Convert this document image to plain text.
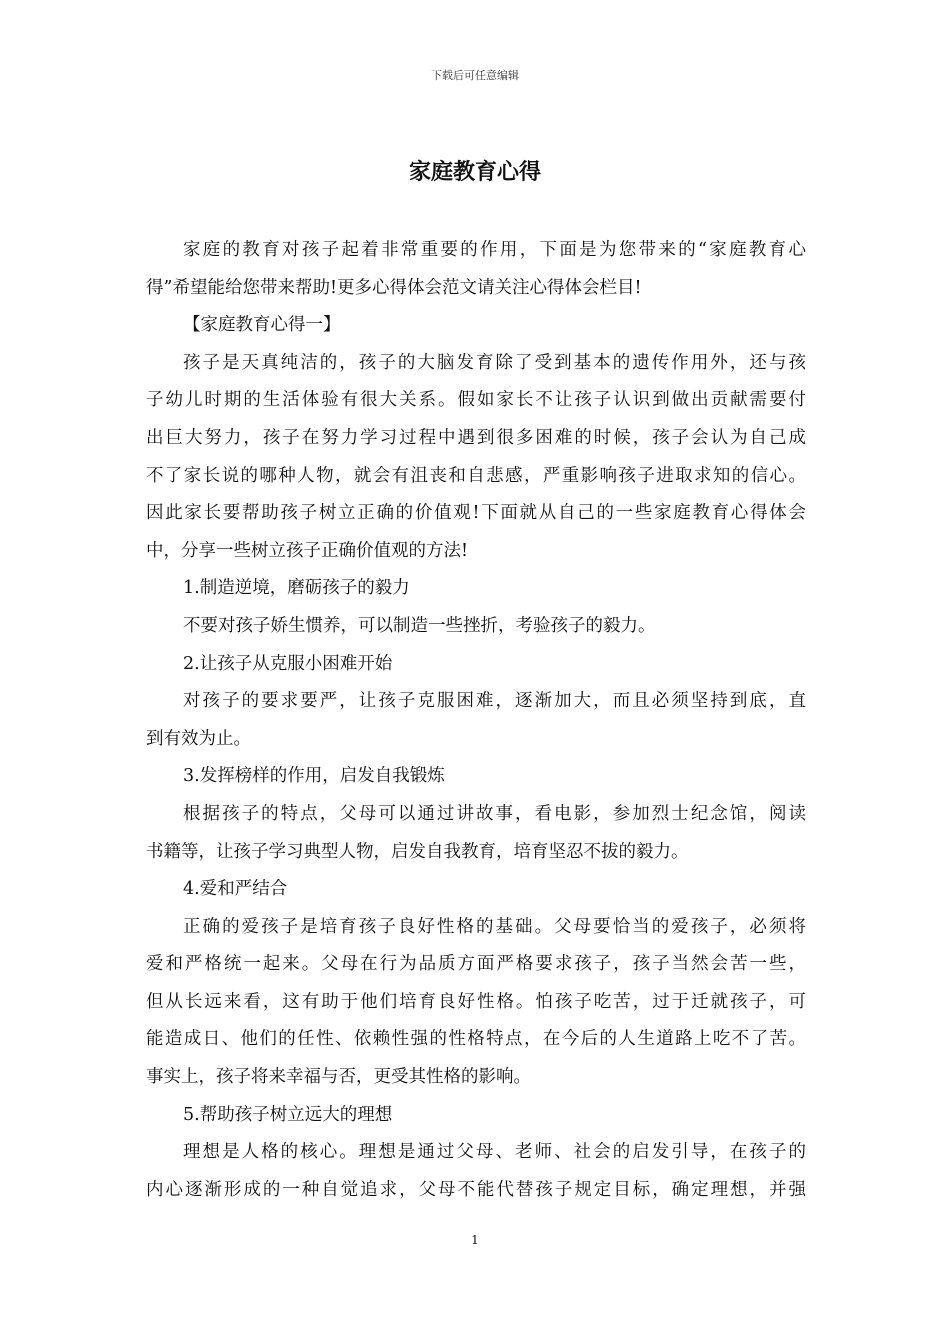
下载后可任意编辑
家庭教育心得
家庭的教育对孩子起着非常重要的作用，下面是为您带来的“家庭教育心
得”希望能给您带来帮助!更多心得体会范文请关注心得体会栏目!
【家庭教育心得一】
孩子是天真纯洁的，孩子的大脑发育除了受到基本的遗传作用外，还与孩
子幼儿时期的生活体验有很大关系。假如家长不让孩子认识到做出贡献需要付
出巨大努力，孩子在努力学习过程中遇到很多困难的时候，孩子会认为自己成
不了家长说的哪种人物，就会有沮丧和自悲感，严重影响孩子进取求知的信心。
因此家长要帮助孩子树立正确的价值观!下面就从自己的一些家庭教育心得体会
中，分享一些树立孩子正确价值观的方法!
1.制造逆境，磨砺孩子的毅力
不要对孩子娇生惯养，可以制造一些挫折，考验孩子的毅力。
2.让孩子从克服小困难开始
对孩子的要求要严，让孩子克服困难，逐渐加大，而且必须坚持到底，直
到有效为止。
3.发挥榜样的作用，启发自我锻炼
根据孩子的特点，父母可以通过讲故事，看电影，参加烈士纪念馆，阅读
书籍等，让孩子学习典型人物，启发自我教育，培育坚忍不拔的毅力。
4.爱和严结合
正确的爱孩子是培育孩子良好性格的基础。父母要恰当的爱孩子，必须将
爱和严格统一起来。父母在行为品质方面严格要求孩子，孩子当然会苦一些，
但从长远来看，这有助于他们培育良好性格。怕孩子吃苦，过于迁就孩子，可
能造成日、他们的任性、依赖性强的性格特点，在今后的人生道路上吃不了苦。
事实上，孩子将来幸福与否，更受其性格的影响。
5.帮助孩子树立远大的理想
理想是人格的核心。理想是通过父母、老师、社会的启发引导，在孩子的
内心逐渐形成的一种自觉追求，父母不能代替孩子规定目标，确定理想，并强
1
